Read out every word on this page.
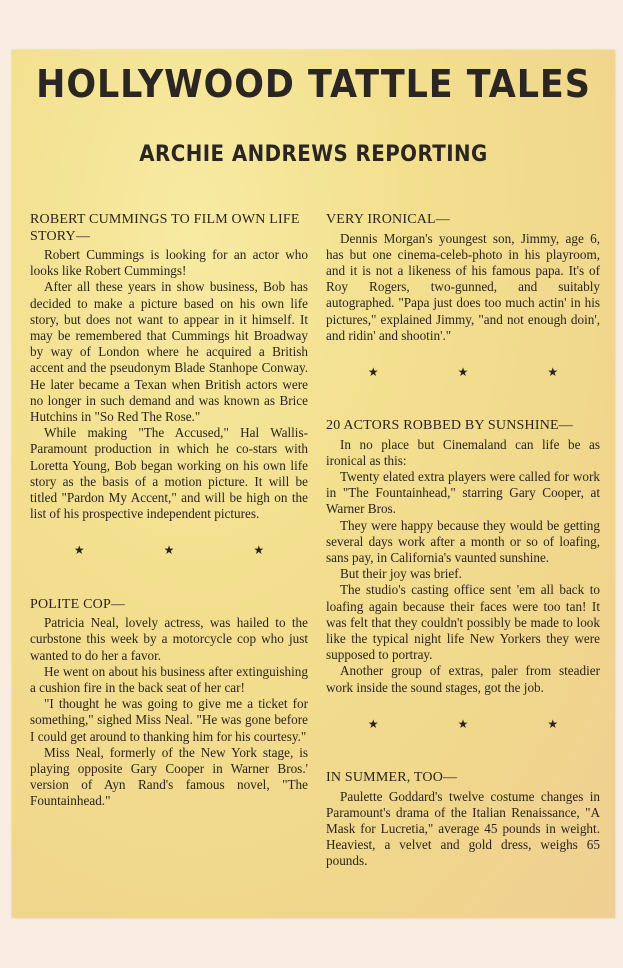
HOLLYWOOD TATTLE TALES
ARCHIE ANDREWS REPORTING
ROBERT CUMMINGS TO FILM OWN LIFE STORY—

Robert Cummings is looking for an actor who looks like Robert Cummings!

After all these years in show business, Bob has decided to make a picture based on his own life story, but does not want to appear in it himself. It may be remembered that Cummings hit Broadway by way of London where he acquired a British accent and the pseudonym Blade Stanhope Conway. He later became a Texan when British actors were no longer in such demand and was known as Brice Hutchins in "So Red The Rose."

While making "The Accused," Hal Wallis-Paramount production in which he co-stars with Loretta Young, Bob began working on his own life story as the basis of a motion picture. It will be titled "Pardon My Accent," and will be high on the list of his prospective independent pictures.

★ ★ ★
POLITE COP—

Patricia Neal, lovely actress, was hailed to the curbstone this week by a motorcycle cop who just wanted to do her a favor.

He went on about his business after extinguishing a cushion fire in the back seat of her car!

"I thought he was going to give me a ticket for something," sighed Miss Neal. "He was gone before I could get around to thanking him for his courtesy."

Miss Neal, formerly of the New York stage, is playing opposite Gary Cooper in Warner Bros.' version of Ayn Rand's famous novel, "The Fountainhead."

VERY IRONICAL—

Dennis Morgan's youngest son, Jimmy, age 6, has but one cinema-celeb-photo in his playroom, and it is not a likeness of his famous papa. It's of Roy Rogers, two-gunned, and suitably autographed. "Papa just does too much actin' in his pictures," explained Jimmy, "and not enough doin', and ridin' and shootin'."

★ ★ ★
20 ACTORS ROBBED BY SUNSHINE—

In no place but Cinemaland can life be as ironical as this:

Twenty elated extra players were called for work in "The Fountainhead," starring Gary Cooper, at Warner Bros.

They were happy because they would be getting several days work after a month or so of loafing, sans pay, in California's vaunted sunshine.

But their joy was brief.

The studio's casting office sent 'em all back to loafing again because their faces were too tan! It was felt that they couldn't possibly be made to look like the typical night life New Yorkers they were supposed to portray.

Another group of extras, paler from steadier work inside the sound stages, got the job.

★ ★ ★
IN SUMMER, TOO—

Paulette Goddard's twelve costume changes in Paramount's drama of the Italian Renaissance, "A Mask for Lucretia," average 45 pounds in weight. Heaviest, a velvet and gold dress, weighs 65 pounds.
